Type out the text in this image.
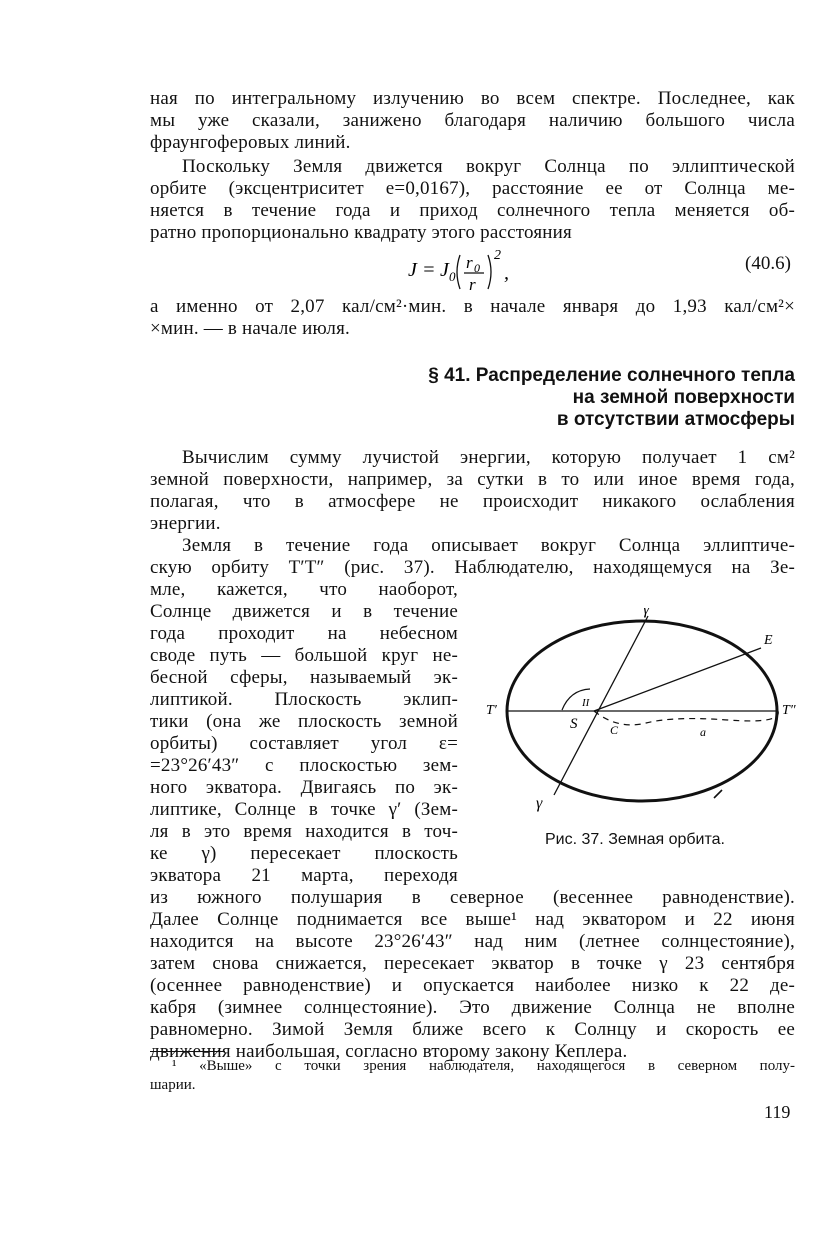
ная по интегральному излучению во всем спектре. Последнее, как
мы уже сказали, занижено благодаря наличию большого числа
фраунгоферовых линий.
Поскольку Земля движется вокруг Солнца по эллиптической
орбите (эксцентриситет e=0,0167), расстояние ее от Солнца ме-
няется в течение года и приход солнечного тепла меняется об-
ратно пропорционально квадрату этого расстояния
а именно от 2,07 кал/см²·мин. в начале января до 1,93 кал/см²×
×мин. — в начале июля.
J = J 0
r 0
r
2
,	(40.6)
§ 41. Распределение солнечного тепла
на земной поверхности
в отсутствии атмосферы
Вычислим сумму лучистой энергии, которую получает 1 см²
земной поверхности, например, за сутки в то или иное время года,
полагая, что в атмосфере не происходит никакого ослабления
энергии.
Земля в течение года описывает вокруг Солнца эллиптиче-
скую орбиту T′T″ (рис. 37). Наблюдателю, находящемуся на Зе-
мле, кажется, что наоборот,
Солнце движется и в течение
года проходит на небесном
своде путь — большой круг не-
бесной сферы, называемый эк-
липтикой. Плоскость эклип-
тики (она же плоскость земной
орбиты) составляет угол ε=
=23°26′43″ с плоскостью зем-
ного экватора. Двигаясь по эк-
липтике, Солнце в точке γ′ (Зем-
ля в это время находится в точ-
ке γ) пересекает плоскость
экватора 21 марта, переходя
γ′
E
T′	T″
S	C	a
II
γ
Рис. 37. Земная орбита.
из южного полушария в северное (весеннее равноденствие).
Далее Солнце поднимается все выше¹ над экватором и 22 июня
находится на высоте 23°26′43″ над ним (летнее солнцестояние),
затем снова снижается, пересекает экватор в точке γ 23 сентября
(осеннее равноденствие) и опускается наиболее низко к 22 де-
кабря (зимнее солнцестояние). Это движение Солнца не вполне
равномерно. Зимой Земля ближе всего к Солнцу и скорость ее
движения наибольшая, согласно второму закону Кеплера.
¹ «Выше» с точки зрения наблюдателя, находящегося в северном полу-
шарии.
119
